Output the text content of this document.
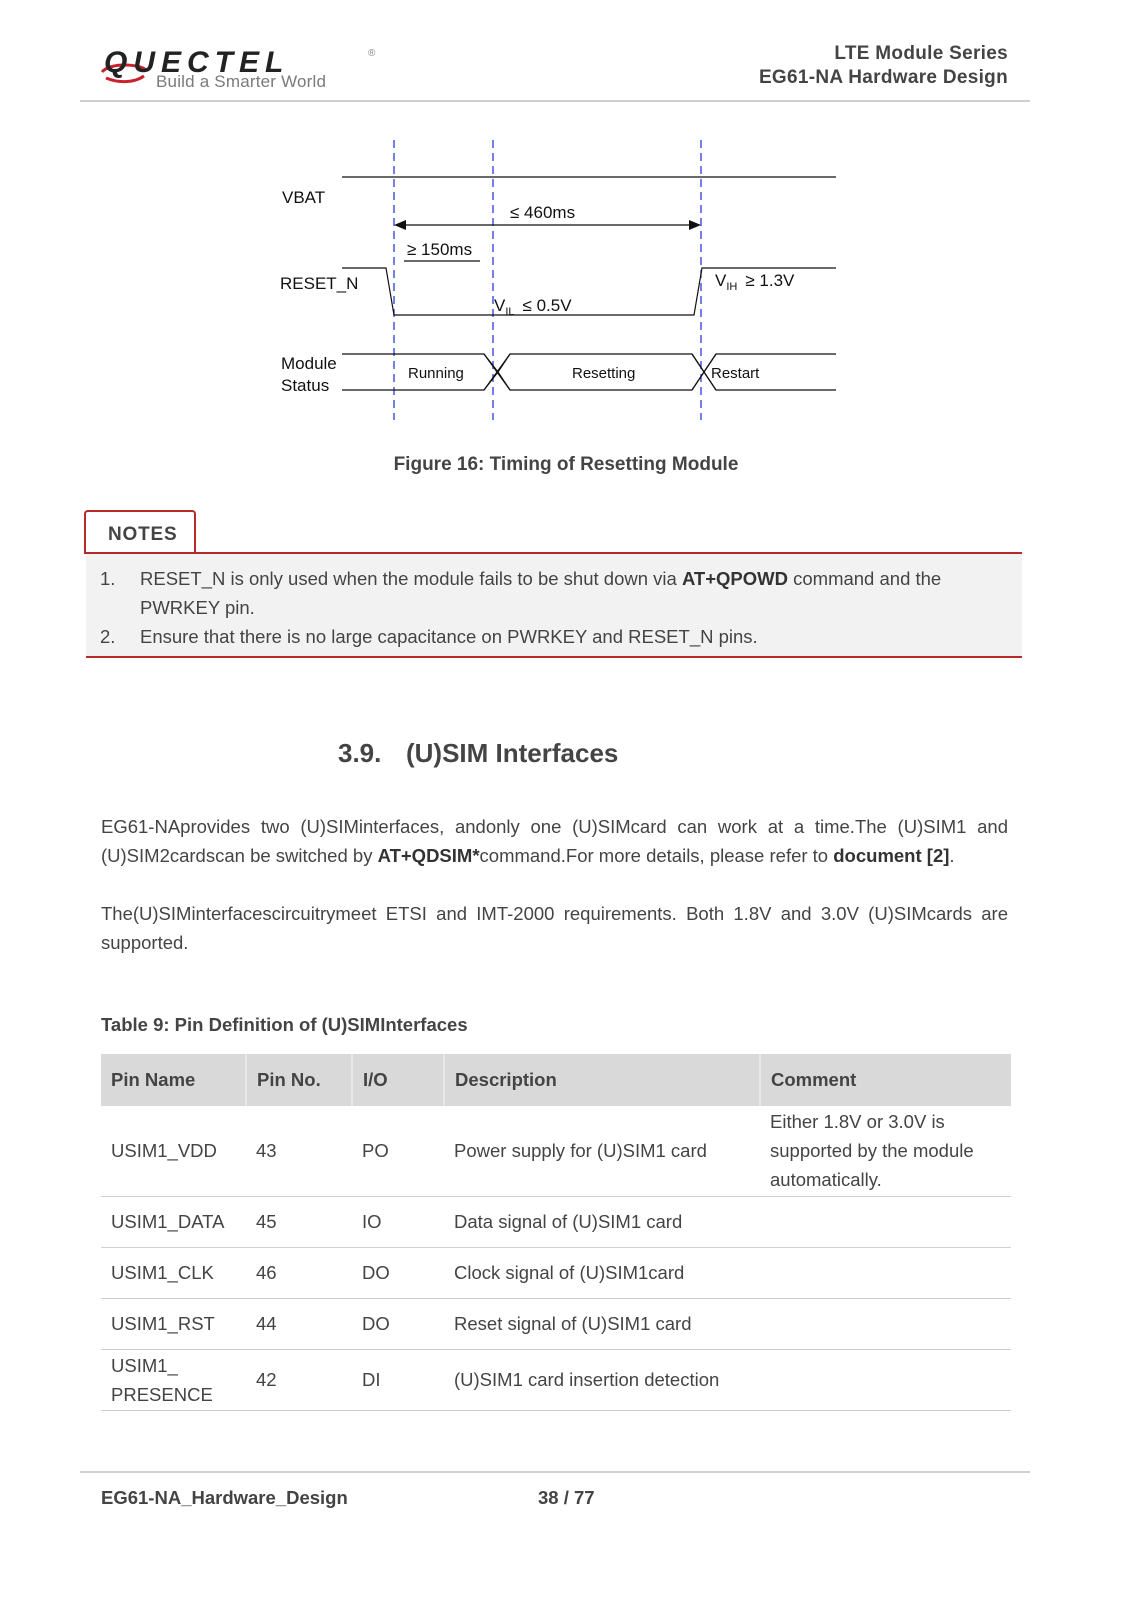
QUECTEL	®
Build a Smarter World
LTE Module Series
EG61-NA Hardware Design
VBAT
≤ 460ms
≥ 150ms
RESET_N	$V_{IH} \ge 1.3V$
$V_{IL} \le 0.5V$
Module
Status
Running	Resetting	Restart
Figure 16: Timing of Resetting Module
NOTES
1. RESET_N is only used when the module fails to be shut down via AT+QPOWD command and the PWRKEY pin.
2. Ensure that there is no large capacitance on PWRKEY and RESET_N pins.
3.9. (U)SIM Interfaces
EG61-NAprovides two (U)SIMinterfaces, andonly one (U)SIMcard can work at a time.The (U)SIM1 and (U)SIM2cardscan be switched by AT+QDSIM*command.For more details, please refer to document [2].
The(U)SIMinterfacescircuitrymeet ETSI and IMT-2000 requirements. Both 1.8V and 3.0V (U)SIMcards are supported.
Table 9: Pin Definition of (U)SIMInterfaces
Pin Name	Pin No.	I/O	Description	Comment
USIM1_VDD	43	PO	Power supply for (U)SIM1 card	Either 1.8V or 3.0V is supported by the module automatically.
USIM1_DATA	45	IO	Data signal of (U)SIM1 card	
USIM1_CLK	46	DO	Clock signal of (U)SIM1card	
USIM1_RST	44	DO	Reset signal of (U)SIM1 card	
USIM1_ PRESENCE	42	DI	(U)SIM1 card insertion detection	
EG61-NA_Hardware_Design	38 / 77
